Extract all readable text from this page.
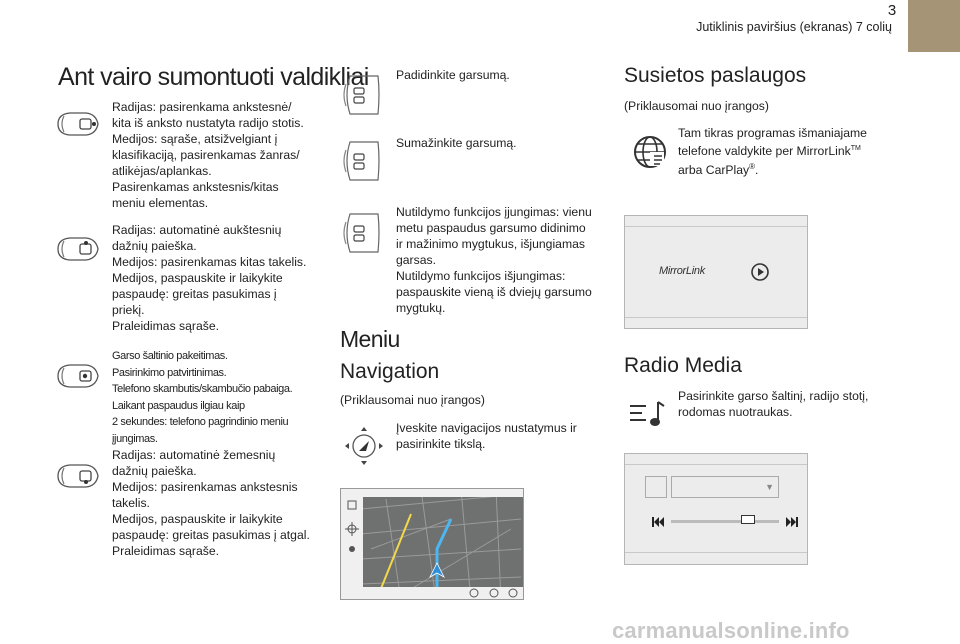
3
Jutiklinis paviršius (ekranas) 7 colių
Ant vairo sumontuoti valdikliai
Radijas: pasirenkama ankstesnė/
kita iš anksto nustatyta radijo stotis.
Medijos: sąraše, atsižvelgiant į
klasifikaciją, pasirenkamas žanras/
atlikėjas/aplankas.
Pasirenkamas ankstesnis/kitas
meniu elementas.
Radijas: automatinė aukštesnių
dažnių paieška.
Medijos: pasirenkamas kitas takelis.
Medijos, paspauskite ir laikykite
paspaudę: greitas pasukimas į
priekį.
Praleidimas sąraše.
Garso šaltinio pakeitimas.
Pasirinkimo patvirtinimas.
Telefono skambutis/skambučio pabaiga.
Laikant paspaudus ilgiau kaip
2 sekundes: telefono pagrindinio meniu
įjungimas.
Radijas: automatinė žemesnių
dažnių paieška.
Medijos: pasirenkamas ankstesnis
takelis.
Medijos, paspauskite ir laikykite
paspaudę: greitas pasukimas į atgal.
Praleidimas sąraše.
Padidinkite garsumą.
Sumažinkite garsumą.
Nutildymo funkcijos įjungimas: vienu
metu paspaudus garsumo didinimo
ir mažinimo mygtukus, išjungiamas
garsas.
Nutildymo funkcijos išjungimas:
paspauskite vieną iš dviejų garsumo
mygtukų.
Meniu
Navigation
(Priklausomai nuo įrangos)
Įveskite navigacijos nustatymus ir
pasirinkite tikslą.
Susietos paslaugos
(Priklausomai nuo įrangos)
Tam tikras programas išmaniajame
telefone valdykite per MirrorLink™
arba CarPlay®.
MirrorLink
Radio Media
Pasirinkite garso šaltinį, radijo stotį,
rodomas nuotraukas.
▼
carmanualsonline.info
